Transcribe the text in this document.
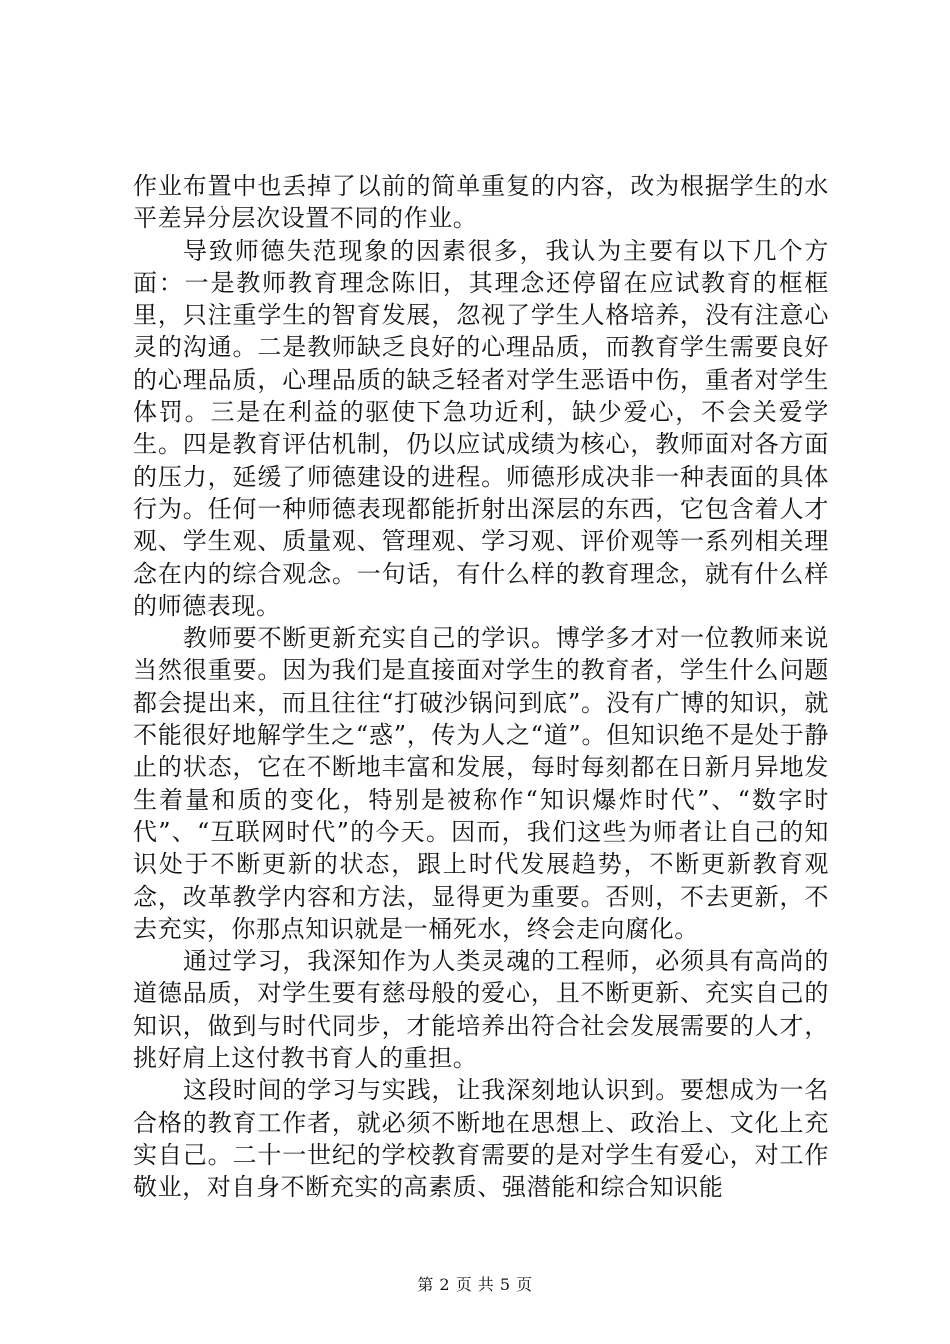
作业布置中也丢掉了以前的简单重复的内容，改为根据学生的水平差异分层次设置不同的作业。

导致师德失范现象的因素很多，我认为主要有以下几个方面：一是教师教育理念陈旧，其理念还停留在应试教育的框框里，只注重学生的智育发展，忽视了学生人格培养，没有注意心灵的沟通。二是教师缺乏良好的心理品质，而教育学生需要良好的心理品质，心理品质的缺乏轻者对学生恶语中伤，重者对学生体罚。三是在利益的驱使下急功近利，缺少爱心，不会关爱学生。四是教育评估机制，仍以应试成绩为核心，教师面对各方面的压力，延缓了师德建设的进程。师德形成决非一种表面的具体行为。任何一种师德表现都能折射出深层的东西，它包含着人才观、学生观、质量观、管理观、学习观、评价观等一系列相关理念在内的综合观念。一句话，有什么样的教育理念，就有什么样的师德表现。

教师要不断更新充实自己的学识。博学多才对一位教师来说当然很重要。因为我们是直接面对学生的教育者，学生什么问题都会提出来，而且往往“打破沙锅问到底”。没有广博的知识，就不能很好地解学生之“惑”，传为人之“道”。但知识绝不是处于静止的状态，它在不断地丰富和发展，每时每刻都在日新月异地发生着量和质的变化，特别是被称作“知识爆炸时代”、“数字时代”、“互联网时代”的今天。因而，我们这些为师者让自己的知识处于不断更新的状态，跟上时代发展趋势，不断更新教育观念，改革教学内容和方法，显得更为重要。否则，不去更新，不去充实，你那点知识就是一桶死水，终会走向腐化。

通过学习，我深知作为人类灵魂的工程师，必须具有高尚的道德品质，对学生要有慈母般的爱心，且不断更新、充实自己的知识，做到与时代同步，才能培养出符合社会发展需要的人才，挑好肩上这付教书育人的重担。

这段时间的学习与实践，让我深刻地认识到。要想成为一名合格的教育工作者，就必须不断地在思想上、政治上、文化上充实自己。二十一世纪的学校教育需要的是对学生有爱心，对工作敬业，对自身不断充实的高素质、强潜能和综合知识能

第 2 页 共 5 页
